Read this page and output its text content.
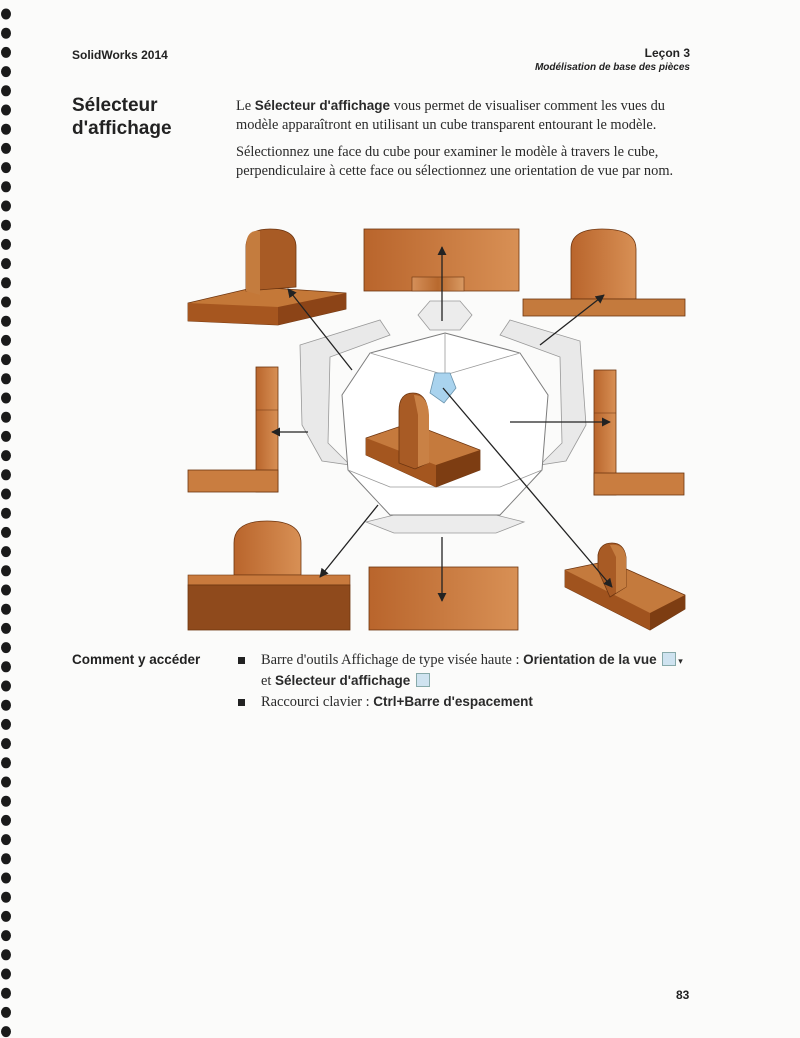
SolidWorks 2014	Leçon 3
Modélisation de base des pièces
Sélecteur d'affichage

Le Sélecteur d'affichage vous permet de visualiser comment les vues du modèle apparaîtront en utilisant un cube transparent entourant le modèle.

Sélectionnez une face du cube pour examiner le modèle à travers le cube, perpendiculaire à cette face ou sélectionnez une orientation de vue par nom.

Comment y accéder	Barre d'outils Affichage de type visée haute : Orientation de la vue ▾ et Sélecteur d'affichage
Raccourci clavier : Ctrl+Barre d'espacement
83
